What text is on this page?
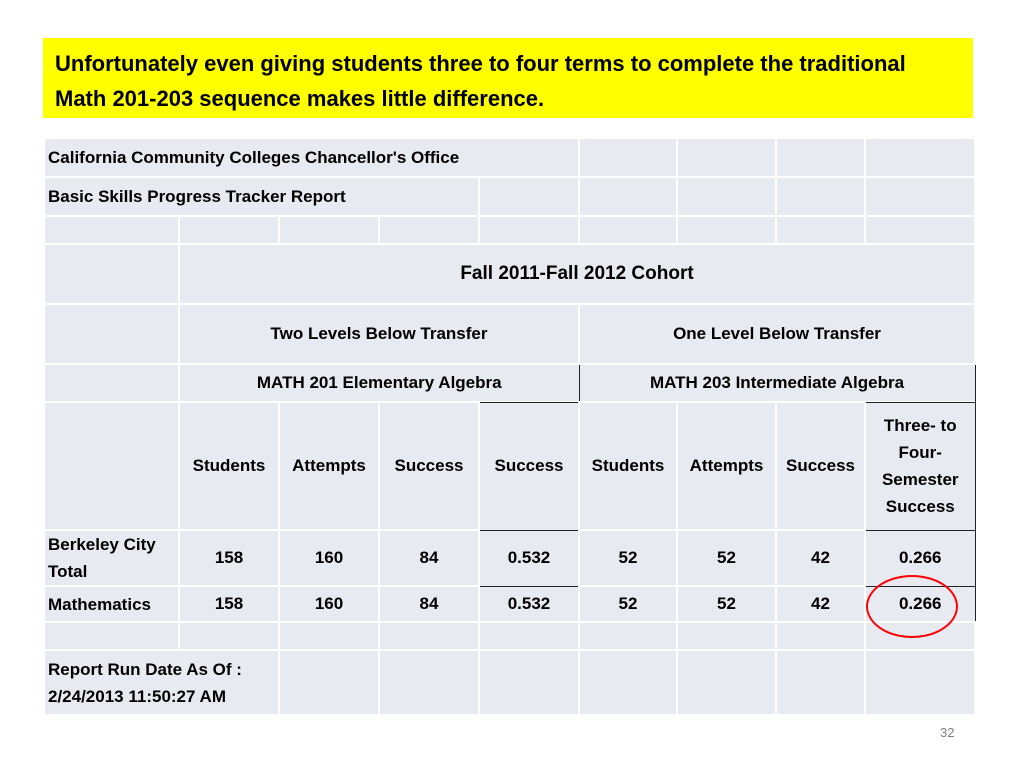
Unfortunately even giving students three to four terms to complete the traditional Math 201-203 sequence makes little difference.
California Community Colleges Chancellor's Office								
Basic Skills Progress Tracker Report								

	Fall 2011-Fall 2012 Cohort							
	Two Levels Below Transfer				One Level Below Transfer			
	MATH 201 Elementary Algebra				MATH 203 Intermediate Algebra			
	Students	Attempts	Success	Success	Students	Attempts	Success	Three- to Four- Semester Success
Berkeley City Total	158	160	84	0.532	52	52	42	0.266
Mathematics	158	160	84	0.532	52	52	42	0.266

Report Run Date As Of :
2/24/2013 11:50:27 AM								
32
